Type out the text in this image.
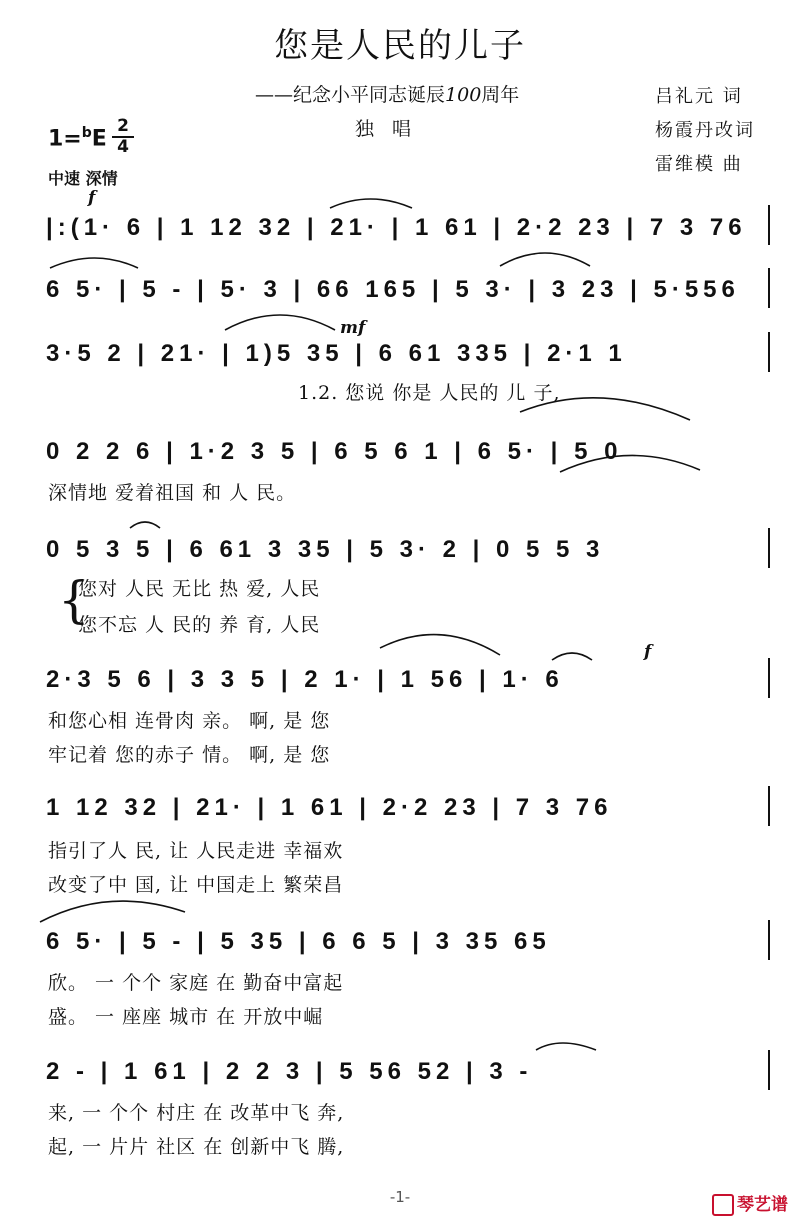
您是人民的儿子
——纪念小平同志诞辰100周年
独唱
吕礼元 词
杨霞丹改词
雷维模 曲
1=$^b$E
2
4
中速 深情
f
mf
f
|:(1· 6 | 1 12 32 | 21· | 1 61 | 2·2 23 | 7 3 76
6 5· | 5 - | 5· 3 | 66 165 | 5 3· | 3 23 | 5·556
3·5 2 | 21· | 1)5 35 | 6 61 335 | 2·1 1
1.2. 您说 你是 人民的 儿 子,
0 2 2 6 | 1·2 3 5 | 6 5 6 1 | 6 5· | 5 0
深情地 爱着祖国 和 人 民。
0 5 3 5 | 6 61 3 35 | 5 3· 2 | 0 5 5 3
{
您对 人民 无比 热 爱, 人民
您不忘 人 民的 养 育, 人民
2·3 5 6 | 3 3 5 | 2 1· | 1 56 | 1· 6
和您心相 连骨肉 亲。 啊, 是 您
牢记着 您的赤子 情。 啊, 是 您
1 12 32 | 21· | 1 61 | 2·2 23 | 7 3 76
指引了人 民, 让 人民走进 幸福欢
改变了中 国, 让 中国走上 繁荣昌
6 5· | 5 - | 5 35 | 6 6 5 | 3 35 65
欣。 一 个个 家庭 在 勤奋中富起
盛。 一 座座 城市 在 开放中崛
2 - | 1 61 | 2 2 3 | 5 56 52 | 3 -
来, 一 个个 村庄 在 改革中飞 奔,
起, 一 片片 社区 在 创新中飞 腾,
-1-	琴艺谱
